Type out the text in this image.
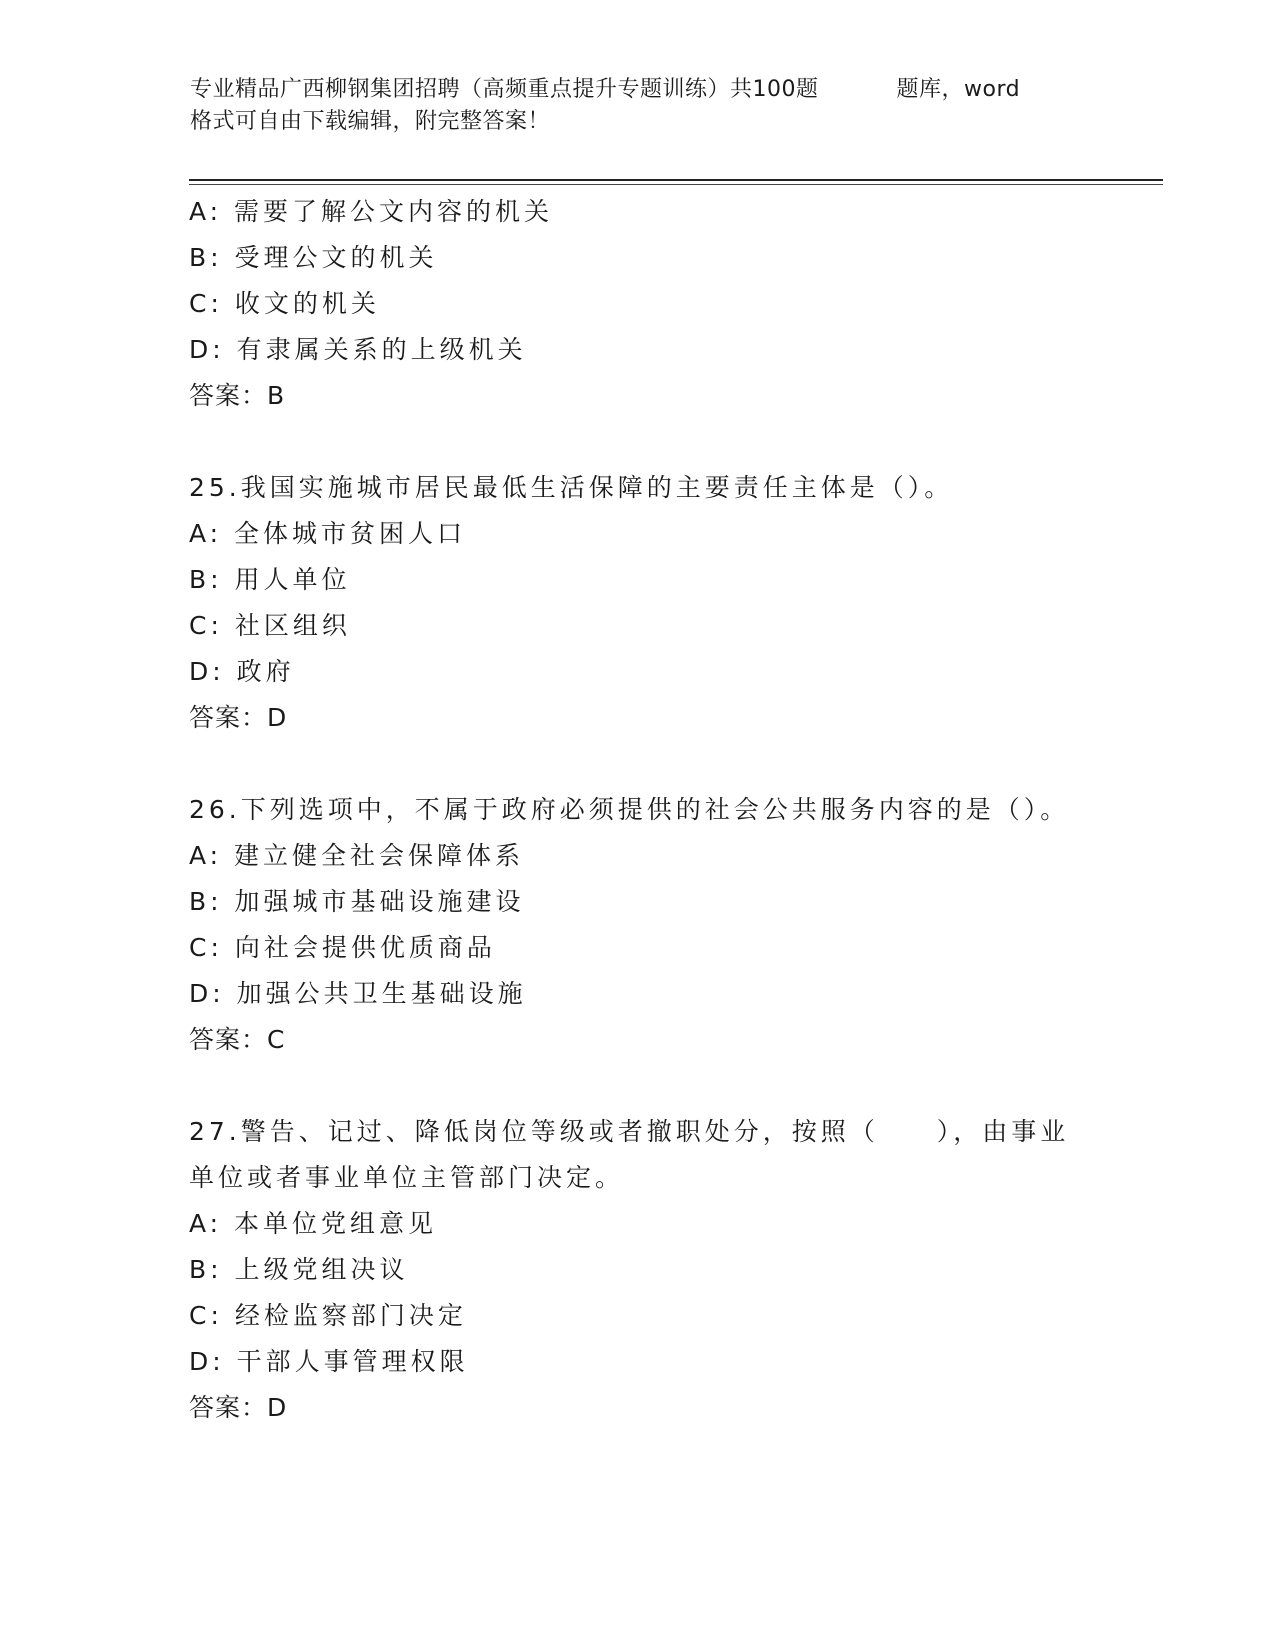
专业精品广西柳钢集团招聘（高频重点提升专题训练）共100题	题库，word
格式可自由下载编辑，附完整答案！
A: 需要了解公文内容的机关
B: 受理公文的机关
C: 收文的机关
D: 有隶属关系的上级机关
答案：B
25.我国实施城市居民最低生活保障的主要责任主体是（）。
A: 全体城市贫困人口
B: 用人单位
C: 社区组织
D: 政府
答案：D
26.下列选项中，不属于政府必须提供的社会公共服务内容的是（）。
A: 建立健全社会保障体系
B: 加强城市基础设施建设
C: 向社会提供优质商品
D: 加强公共卫生基础设施
答案：C
27.警告、记过、降低岗位等级或者撤职处分，按照（　　），由事业
单位或者事业单位主管部门决定。
A: 本单位党组意见
B: 上级党组决议
C: 经检监察部门决定
D: 干部人事管理权限
答案：D
